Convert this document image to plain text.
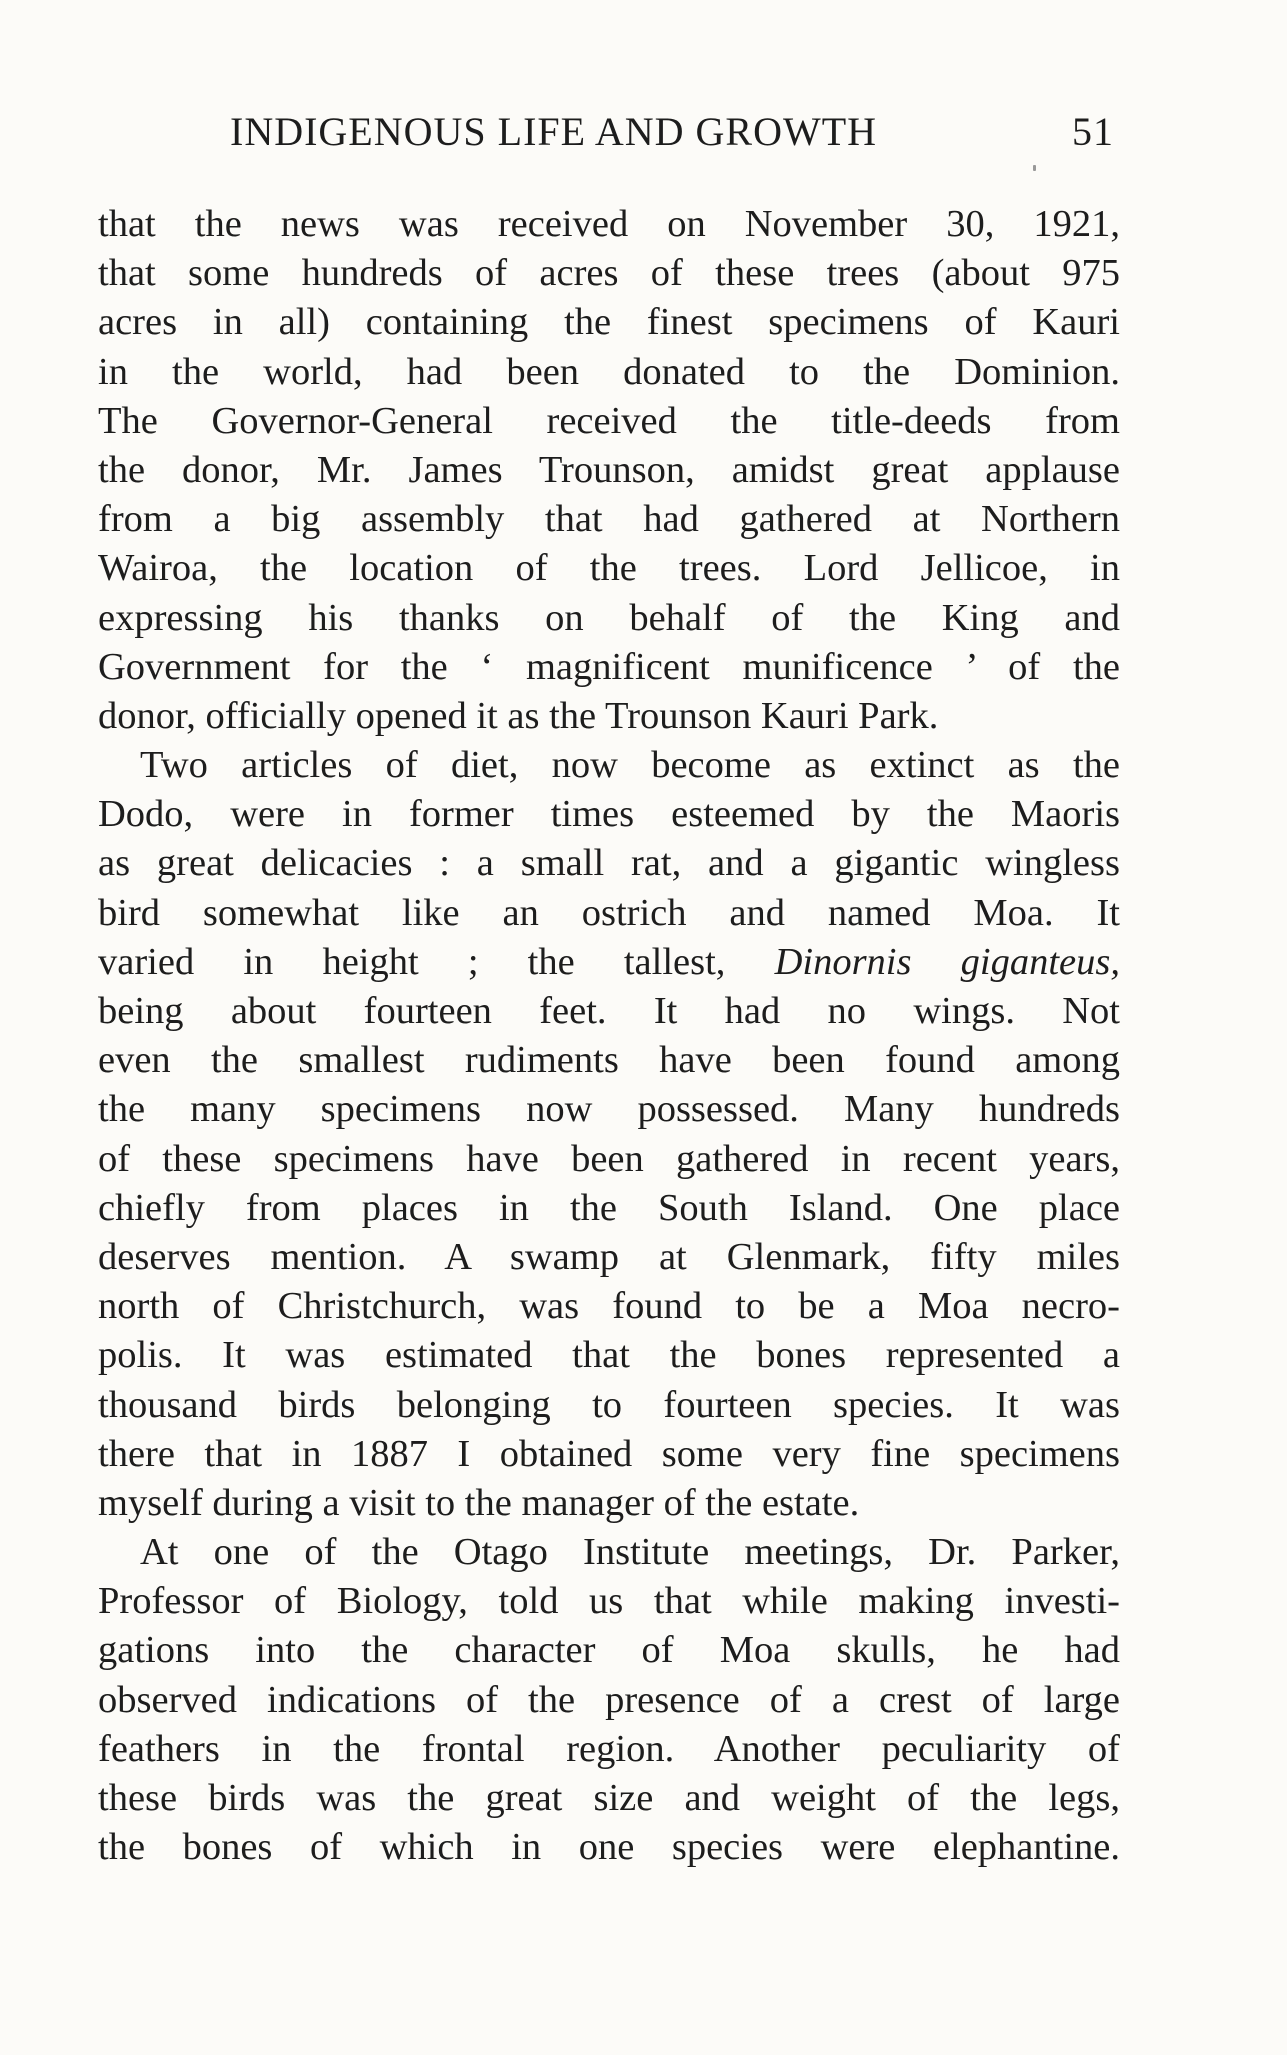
INDIGENOUS LIFE AND GROWTH	51
that the news was received on November 30, 1921,
that some hundreds of acres of these trees (about 975
acres in all) containing the finest specimens of Kauri
in the world, had been donated to the Dominion.
The Governor-General received the title-deeds from
the donor, Mr. James Trounson, amidst great applause
from a big assembly that had gathered at Northern
Wairoa, the location of the trees. Lord Jellicoe, in
expressing his thanks on behalf of the King and
Government for the ‘ magnificent munificence ’ of the
donor, officially opened it as the Trounson Kauri Park.
Two articles of diet, now become as extinct as the
Dodo, were in former times esteemed by the Maoris
as great delicacies : a small rat, and a gigantic wingless
bird somewhat like an ostrich and named Moa. It
varied in height ; the tallest, Dinornis giganteus,
being about fourteen feet. It had no wings. Not
even the smallest rudiments have been found among
the many specimens now possessed. Many hundreds
of these specimens have been gathered in recent years,
chiefly from places in the South Island. One place
deserves mention. A swamp at Glenmark, fifty miles
north of Christchurch, was found to be a Moa necro-
polis. It was estimated that the bones represented a
thousand birds belonging to fourteen species. It was
there that in 1887 I obtained some very fine specimens
myself during a visit to the manager of the estate.
At one of the Otago Institute meetings, Dr. Parker,
Professor of Biology, told us that while making investi-
gations into the character of Moa skulls, he had
observed indications of the presence of a crest of large
feathers in the frontal region. Another peculiarity of
these birds was the great size and weight of the legs,
the bones of which in one species were elephantine.
